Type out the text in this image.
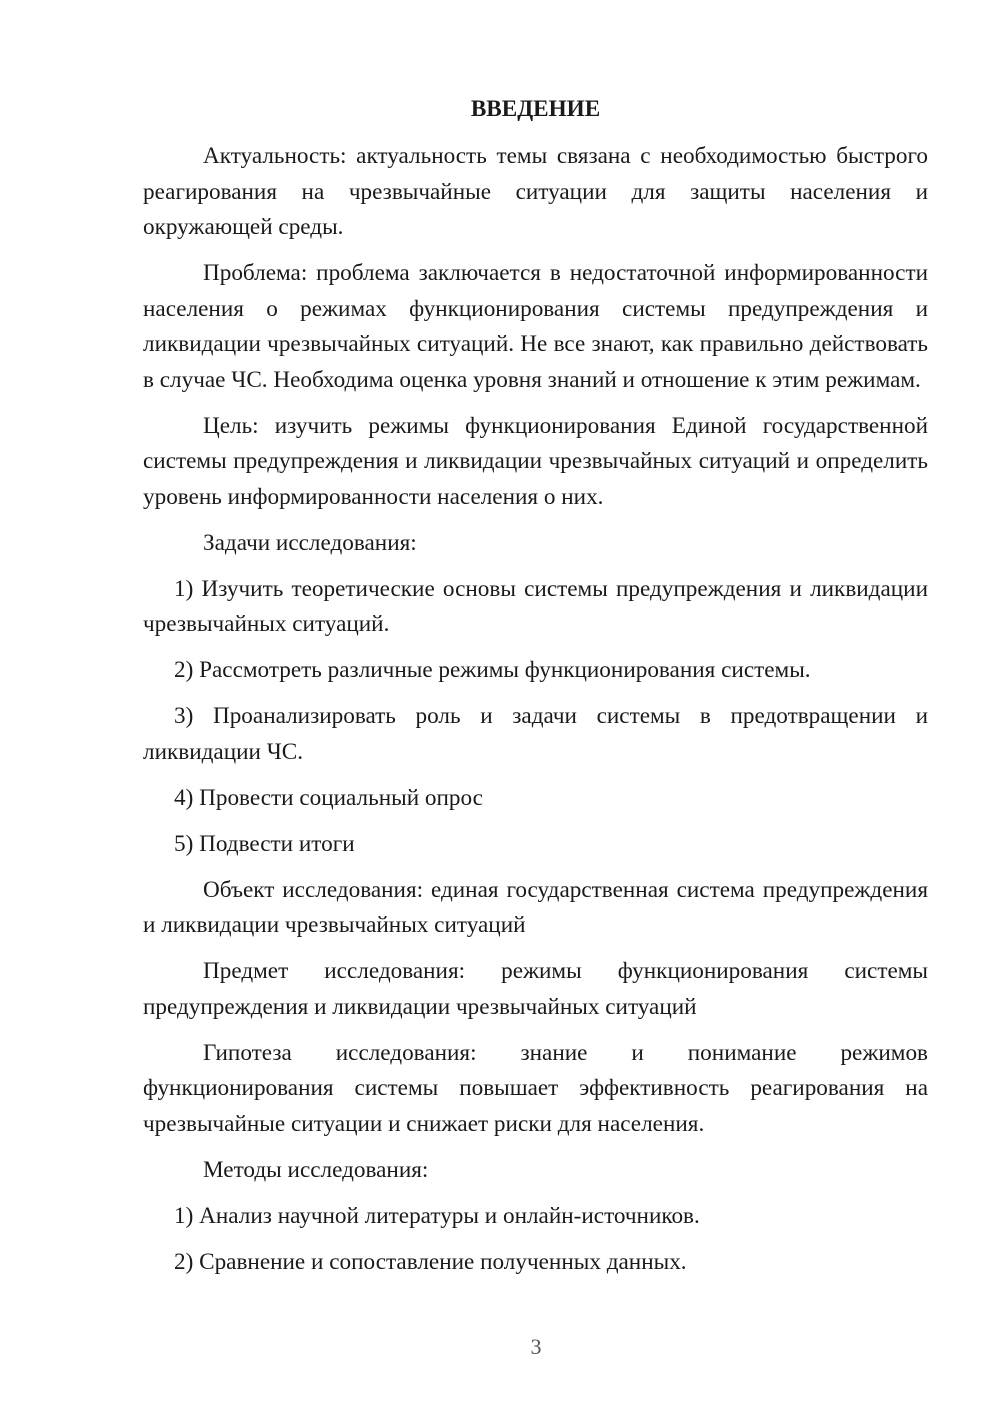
ВВЕДЕНИЕ

Актуальность: актуальность темы связана с необходимостью быстрого реагирования на чрезвычайные ситуации для защиты населения и окружающей среды.

Проблема: проблема заключается в недостаточной информированности населения о режимах функционирования системы предупреждения и ликвидации чрезвычайных ситуаций. Не все знают, как правильно действовать в случае ЧС. Необходима оценка уровня знаний и отношение к этим режимам.

Цель: изучить режимы функционирования Единой государственной системы предупреждения и ликвидации чрезвычайных ситуаций и определить уровень информированности населения о них.

Задачи исследования:

1) Изучить теоретические основы системы предупреждения и ликвидации чрезвычайных ситуаций.

2) Рассмотреть различные режимы функционирования системы.

3) Проанализировать роль и задачи системы в предотвращении и ликвидации ЧС.

4) Провести социальный опрос

5) Подвести итоги

Объект исследования: единая государственная система предупреждения и ликвидации чрезвычайных ситуаций

Предмет исследования: режимы функционирования системы предупреждения и ликвидации чрезвычайных ситуаций

Гипотеза исследования: знание и понимание режимов функционирования системы повышает эффективность реагирования на чрезвычайные ситуации и снижает риски для населения.

Методы исследования:

1) Анализ научной литературы и онлайн-источников.

2) Сравнение и сопоставление полученных данных.

3
